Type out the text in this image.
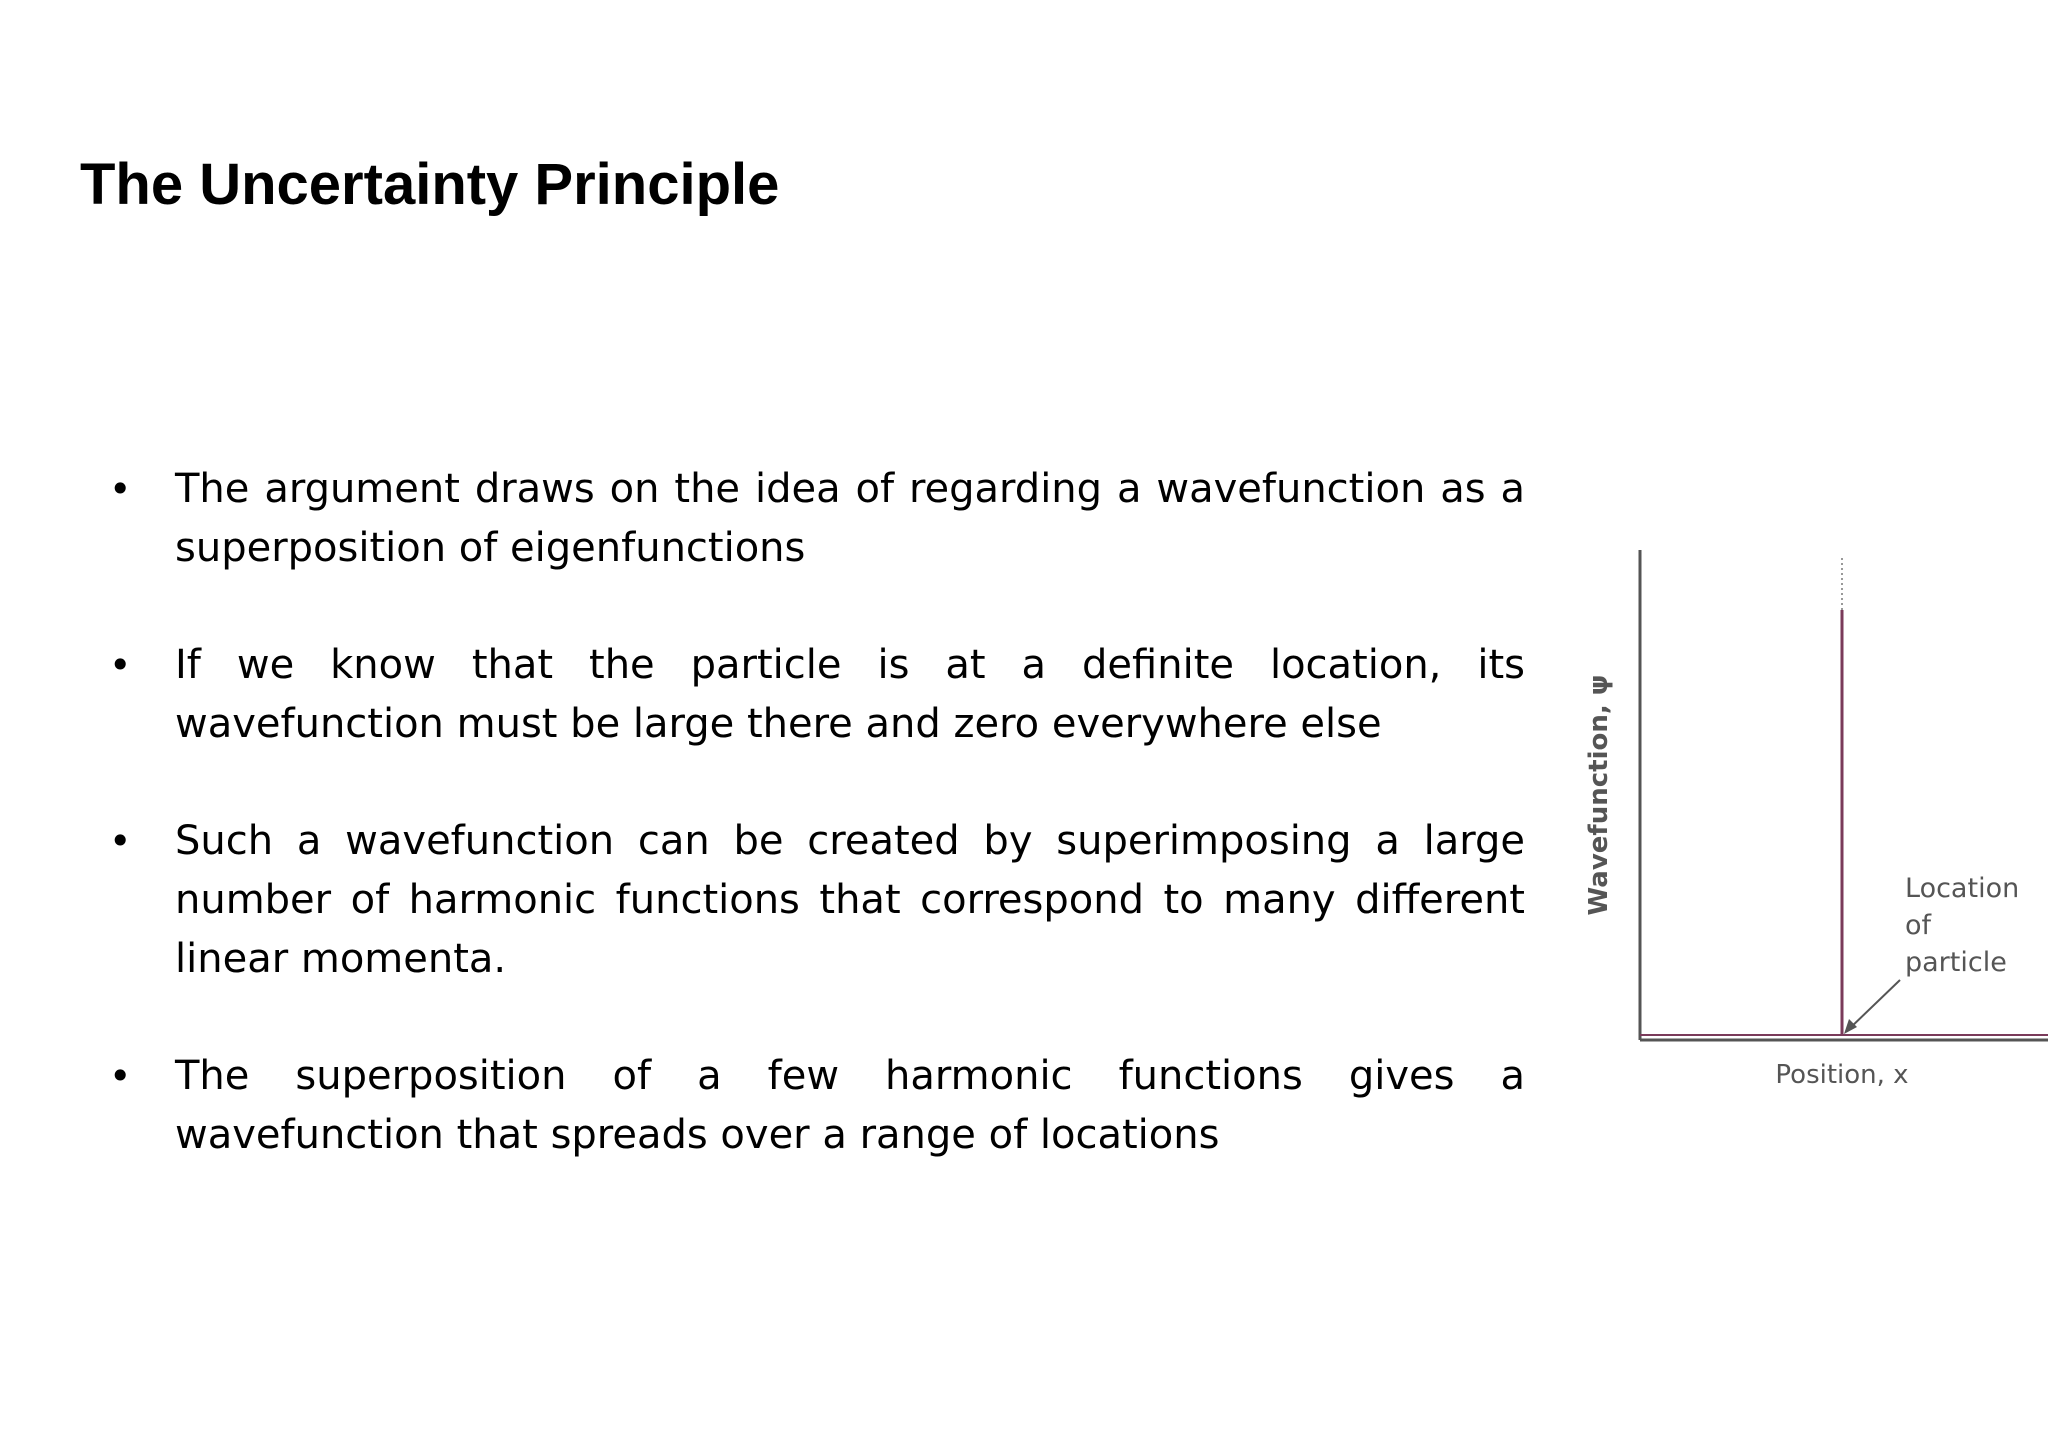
The Uncertainty Principle
•	The argument draws on the idea of regarding a wavefunction as a superposition of eigenfunctions
•	If we know that the particle is at a definite location, its wavefunction must be large there and zero everywhere else
•	Such a wavefunction can be created by superimposing a large number of harmonic functions that correspond to many different linear momenta.
•	The superposition of a few harmonic functions gives a wavefunction that spreads over a range of locations
Wavefunction, ψ
Position, x
Location
of
particle
